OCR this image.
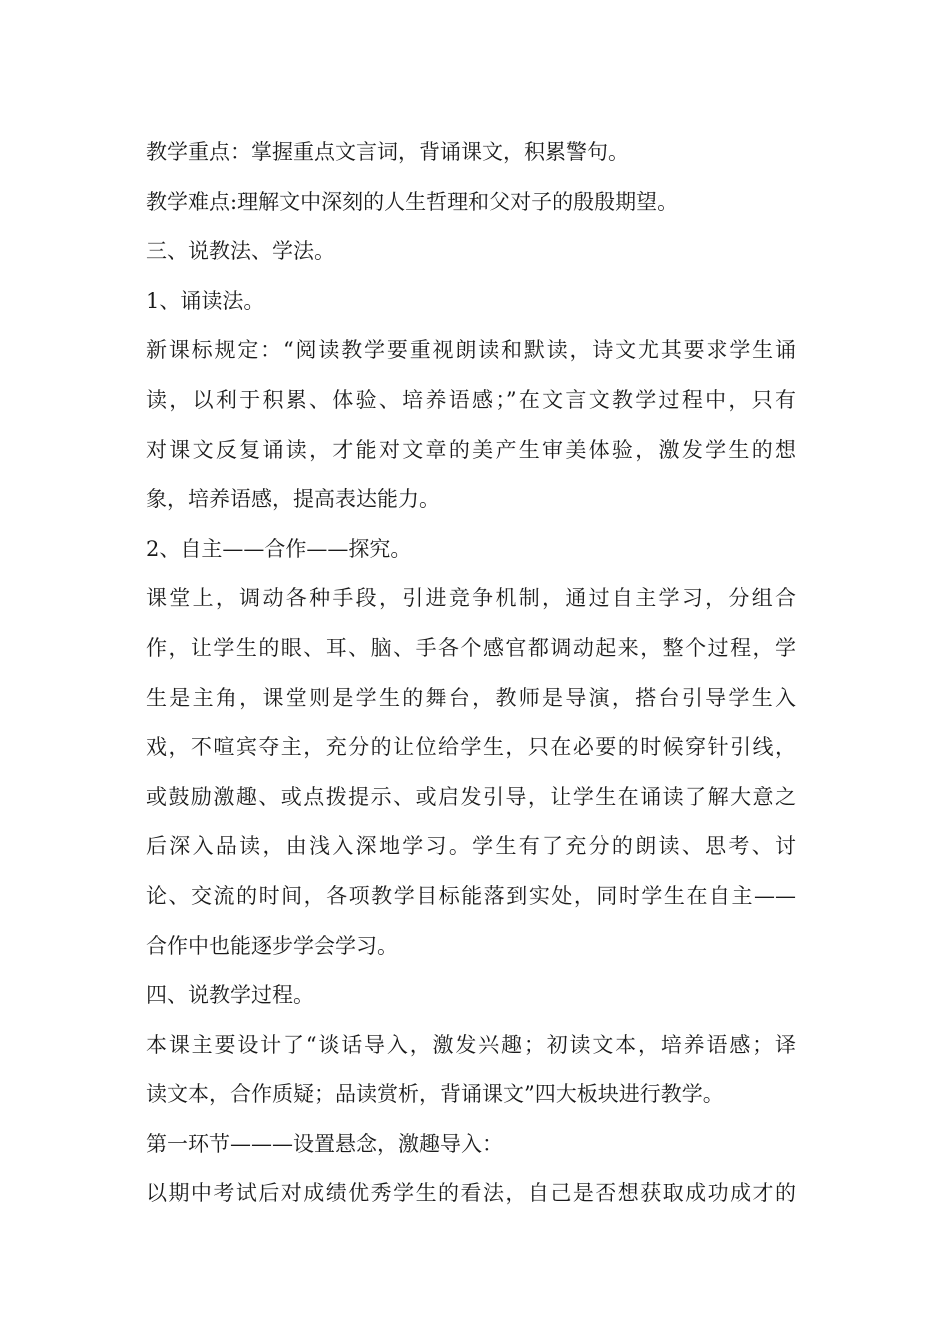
教学重点：掌握重点文言词，背诵课文，积累警句。
教学难点:理解文中深刻的人生哲理和父对子的殷殷期望。
三、说教法、学法。
1、诵读法。
新课标规定：“阅读教学要重视朗读和默读，诗文尤其要求学生诵
读，以利于积累、体验、培养语感；”在文言文教学过程中，只有
对课文反复诵读，才能对文章的美产生审美体验，激发学生的想
象，培养语感，提高表达能力。
2、自主——合作——探究。
课堂上，调动各种手段，引进竞争机制，通过自主学习，分组合
作，让学生的眼、耳、脑、手各个感官都调动起来，整个过程，学
生是主角，课堂则是学生的舞台，教师是导演，搭台引导学生入
戏，不喧宾夺主，充分的让位给学生，只在必要的时候穿针引线，
或鼓励激趣、或点拨提示、或启发引导，让学生在诵读了解大意之
后深入品读，由浅入深地学习。学生有了充分的朗读、思考、讨
论、交流的时间，各项教学目标能落到实处，同时学生在自主——
合作中也能逐步学会学习。
四、说教学过程。
本课主要设计了“谈话导入，激发兴趣；初读文本，培养语感；译
读文本，合作质疑；品读赏析，背诵课文”四大板块进行教学。
第一环节———设置悬念，激趣导入：
以期中考试后对成绩优秀学生的看法，自己是否想获取成功成才的
